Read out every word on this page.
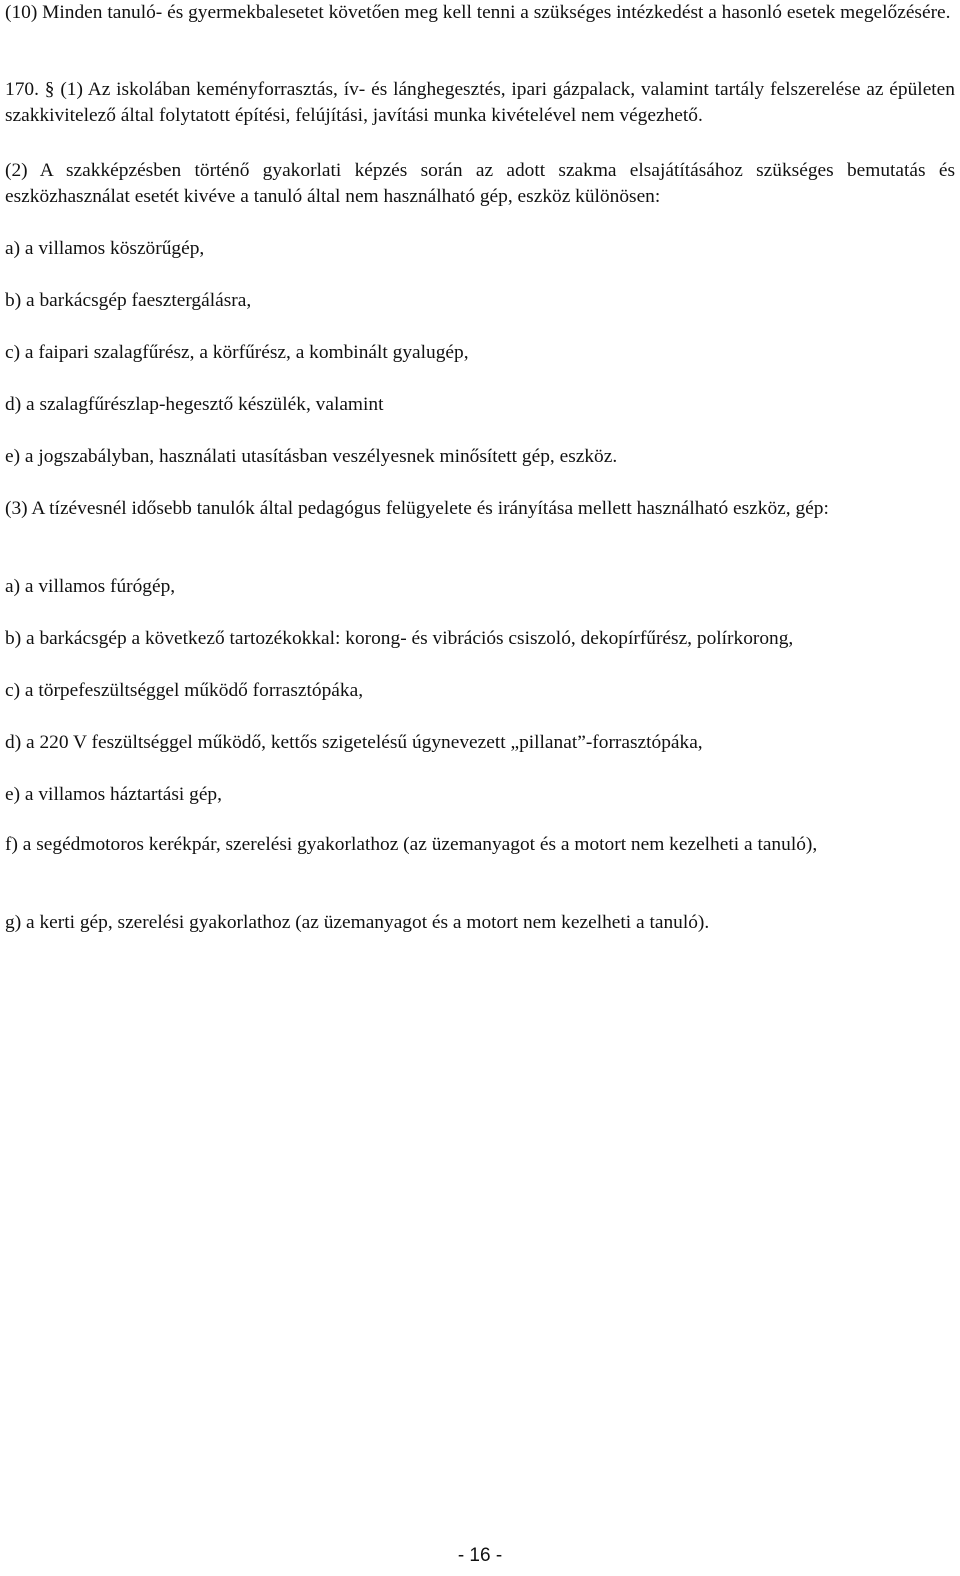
(10) Minden tanuló- és gyermekbalesetet követően meg kell tenni a szükséges intézkedést a hasonló esetek megelőzésére.

170. § (1) Az iskolában keményforrasztás, ív- és lánghegesztés, ipari gázpalack, valamint tartály felszerelése az épületen szakkivitelező által folytatott építési, felújítási, javítási munka kivételével nem végezhető.

(2) A szakképzésben történő gyakorlati képzés során az adott szakma elsajátításához szükséges bemutatás és eszközhasználat esetét kivéve a tanuló által nem használható gép, eszköz különösen:

a) a villamos köszörűgép,

b) a barkácsgép faesztergálásra,

c) a faipari szalagfűrész, a körfűrész, a kombinált gyalugép,

d) a szalagfűrészlap-hegesztő készülék, valamint

e) a jogszabályban, használati utasításban veszélyesnek minősített gép, eszköz.

(3) A tízévesnél idősebb tanulók által pedagógus felügyelete és irányítása mellett használható eszköz, gép:

a) a villamos fúrógép,

b) a barkácsgép a következő tartozékokkal: korong- és vibrációs csiszoló, dekopírfűrész, polírkorong,

c) a törpefeszültséggel működő forrasztópáka,

d) a 220 V feszültséggel működő, kettős szigetelésű úgynevezett „pillanat”-forrasztópáka,

e) a villamos háztartási gép,

f) a segédmotoros kerékpár, szerelési gyakorlathoz (az üzemanyagot és a motort nem kezelheti a tanuló),

g) a kerti gép, szerelési gyakorlathoz (az üzemanyagot és a motort nem kezelheti a tanuló).

- 16 -
